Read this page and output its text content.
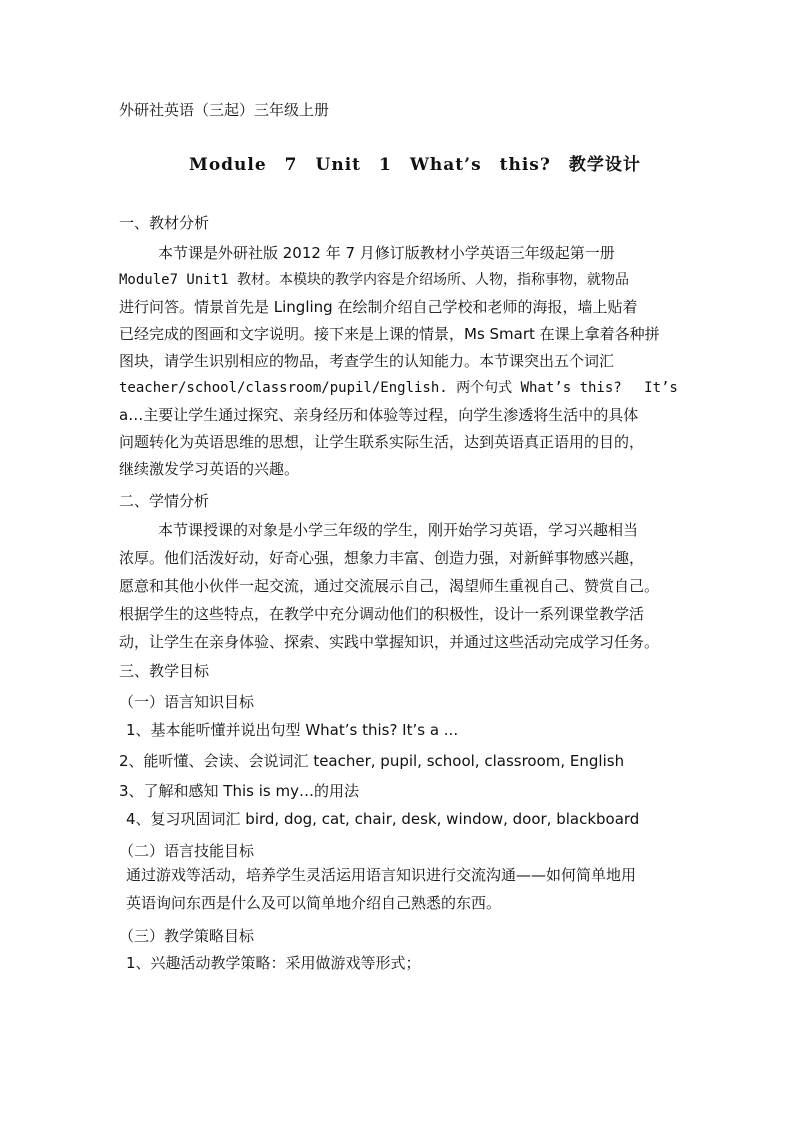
外研社英语（三起）三年级上册
Module　7　Unit　1　What’s　this?　教学设计
一、教材分析
本节课是外研社版 2012 年 7 月修订版教材小学英语三年级起第一册
Module7 Unit1 教材。本模块的教学内容是介绍场所、人物，指称事物，就物品
进行问答。情景首先是 Lingling 在绘制介绍自己学校和老师的海报，墙上贴着
已经完成的图画和文字说明。接下来是上课的情景，Ms Smart 在课上拿着各种拼
图块，请学生识别相应的物品，考查学生的认知能力。本节课突出五个词汇
teacher/school/classroom/pupil/English. 两个句式 What’s this?　 It’s
a…主要让学生通过探究、亲身经历和体验等过程，向学生渗透将生活中的具体
问题转化为英语思维的思想，让学生联系实际生活，达到英语真正语用的目的，
继续激发学习英语的兴趣。
二、学情分析
本节课授课的对象是小学三年级的学生，刚开始学习英语，学习兴趣相当
浓厚。他们活泼好动，好奇心强，想象力丰富、创造力强，对新鲜事物感兴趣，
愿意和其他小伙伴一起交流，通过交流展示自己，渴望师生重视自己、赞赏自己。
根据学生的这些特点，在教学中充分调动他们的积极性，设计一系列课堂教学活
动，让学生在亲身体验、探索、实践中掌握知识，并通过这些活动完成学习任务。
三、教学目标
（一）语言知识目标
1、基本能听懂并说出句型 What’s this? It’s a ...
2、能听懂、会读、会说词汇 teacher, pupil, school, classroom, English
3、了解和感知 This is my…的用法
4、复习巩固词汇 bird, dog, cat, chair, desk, window, door, blackboard
（二）语言技能目标
通过游戏等活动，培养学生灵活运用语言知识进行交流沟通——如何简单地用
英语询问东西是什么及可以简单地介绍自己熟悉的东西。
（三）教学策略目标
1、兴趣活动教学策略：采用做游戏等形式；
